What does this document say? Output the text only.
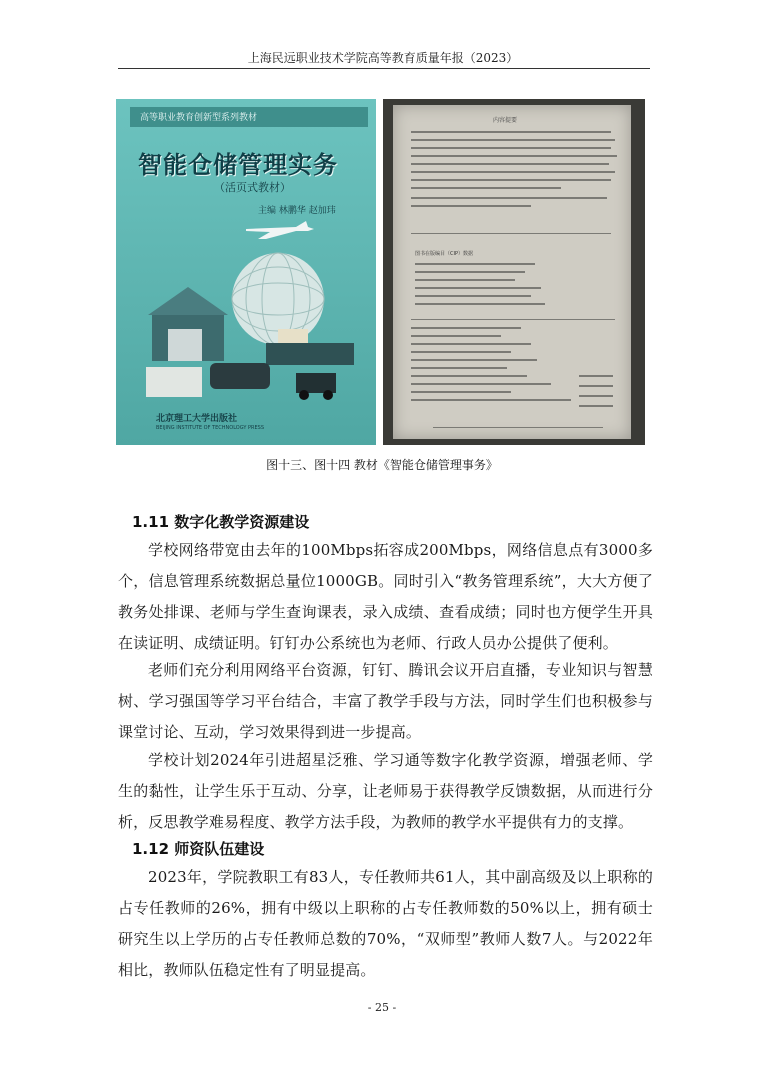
上海民远职业技术学院高等教育质量年报（2023）
高等职业教育创新型系列教材
智能仓储管理实务
（活页式教材）
主编 林鹏华 赵加玮
北京理工大学出版社
BEIJING INSTITUTE OF TECHNOLOGY PRESS
内容提要
图书在版编目（CIP）数据
图十三、图十四 教材《智能仓储管理事务》
1.11 数字化教学资源建设
学校网络带宽由去年的100Mbps拓容成200Mbps，网络信息点有3000多个，信息管理系统数据总量位1000GB。同时引入“教务管理系统”，大大方便了教务处排课、老师与学生查询课表，录入成绩、查看成绩；同时也方便学生开具在读证明、成绩证明。钉钉办公系统也为老师、行政人员办公提供了便利。
老师们充分利用网络平台资源，钉钉、腾讯会议开启直播，专业知识与智慧树、学习强国等学习平台结合，丰富了教学手段与方法，同时学生们也积极参与课堂讨论、互动，学习效果得到进一步提高。
学校计划2024年引进超星泛雅、学习通等数字化教学资源，增强老师、学生的黏性，让学生乐于互动、分享，让老师易于获得教学反馈数据，从而进行分析，反思教学难易程度、教学方法手段，为教师的教学水平提供有力的支撑。
1.12 师资队伍建设
2023年，学院教职工有83人，专任教师共61人，其中副高级及以上职称的占专任教师的26%，拥有中级以上职称的占专任教师数的50%以上，拥有硕士研究生以上学历的占专任教师总数的70%，“双师型”教师人数7人。与2022年相比，教师队伍稳定性有了明显提高。
- 25 -
